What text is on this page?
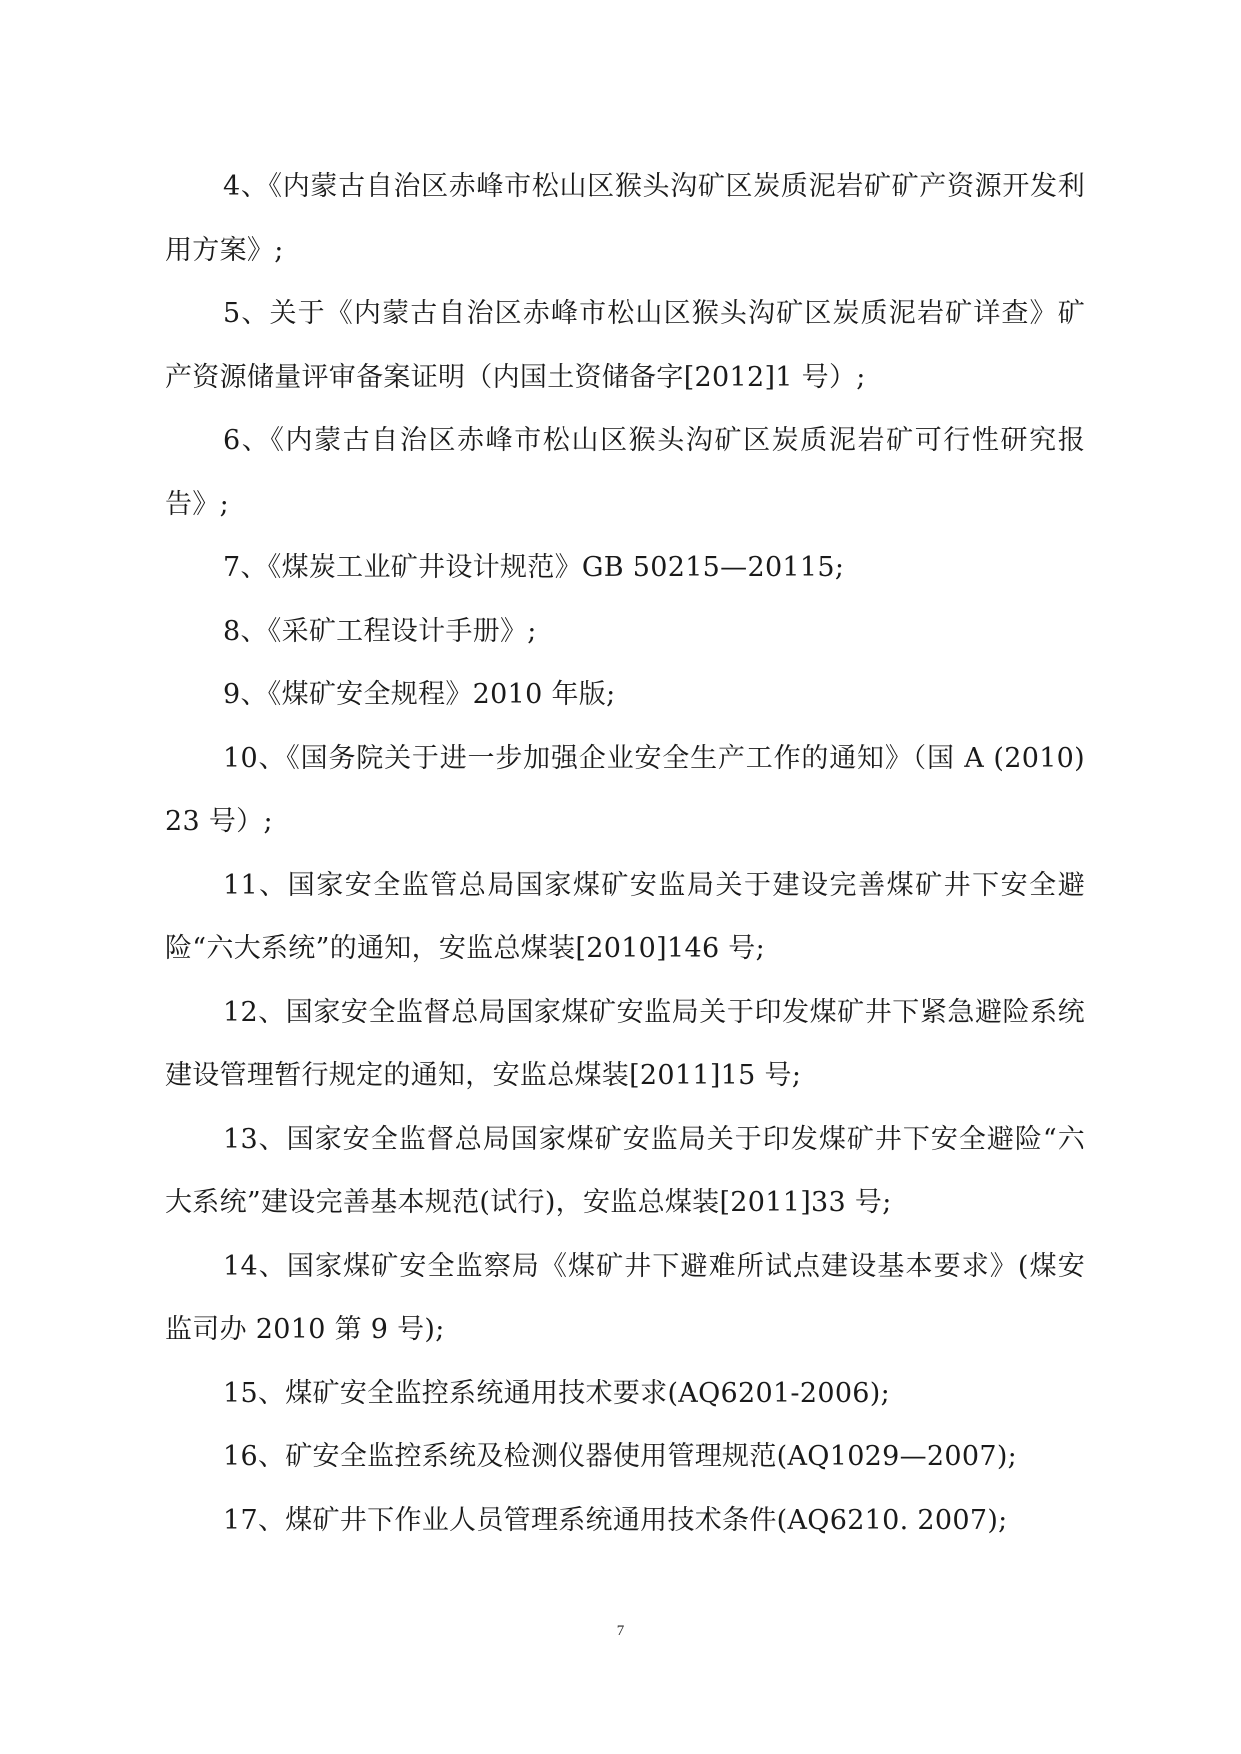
4、《内蒙古自治区赤峰市松山区猴头沟矿区炭质泥岩矿矿产资源开发利用方案》;

5、关于《内蒙古自治区赤峰市松山区猴头沟矿区炭质泥岩矿详查》矿产资源储量评审备案证明（内国土资储备字[2012]1 号）;

6、《内蒙古自治区赤峰市松山区猴头沟矿区炭质泥岩矿可行性研究报告》;

7、《煤炭工业矿井设计规范》GB 50215—20115;

8、《采矿工程设计手册》;

9、《煤矿安全规程》2010 年版;

10、《国务院关于进一步加强企业安全生产工作的通知》（国 A (2010)23 号）;

11、国家安全监管总局国家煤矿安监局关于建设完善煤矿井下安全避险“六大系统”的通知，安监总煤装[2010]146 号;

12、国家安全监督总局国家煤矿安监局关于印发煤矿井下紧急避险系统建设管理暂行规定的通知，安监总煤装[2011]15 号;

13、国家安全监督总局国家煤矿安监局关于印发煤矿井下安全避险“六大系统”建设完善基本规范(试行)，安监总煤装[2011]33 号;

14、国家煤矿安全监察局《煤矿井下避难所试点建设基本要求》(煤安监司办 2010 第 9 号);

15、煤矿安全监控系统通用技术要求(AQ6201-2006);

16、矿安全监控系统及检测仪器使用管理规范(AQ1029—2007);

17、煤矿井下作业人员管理系统通用技术条件(AQ6210. 2007);

7
